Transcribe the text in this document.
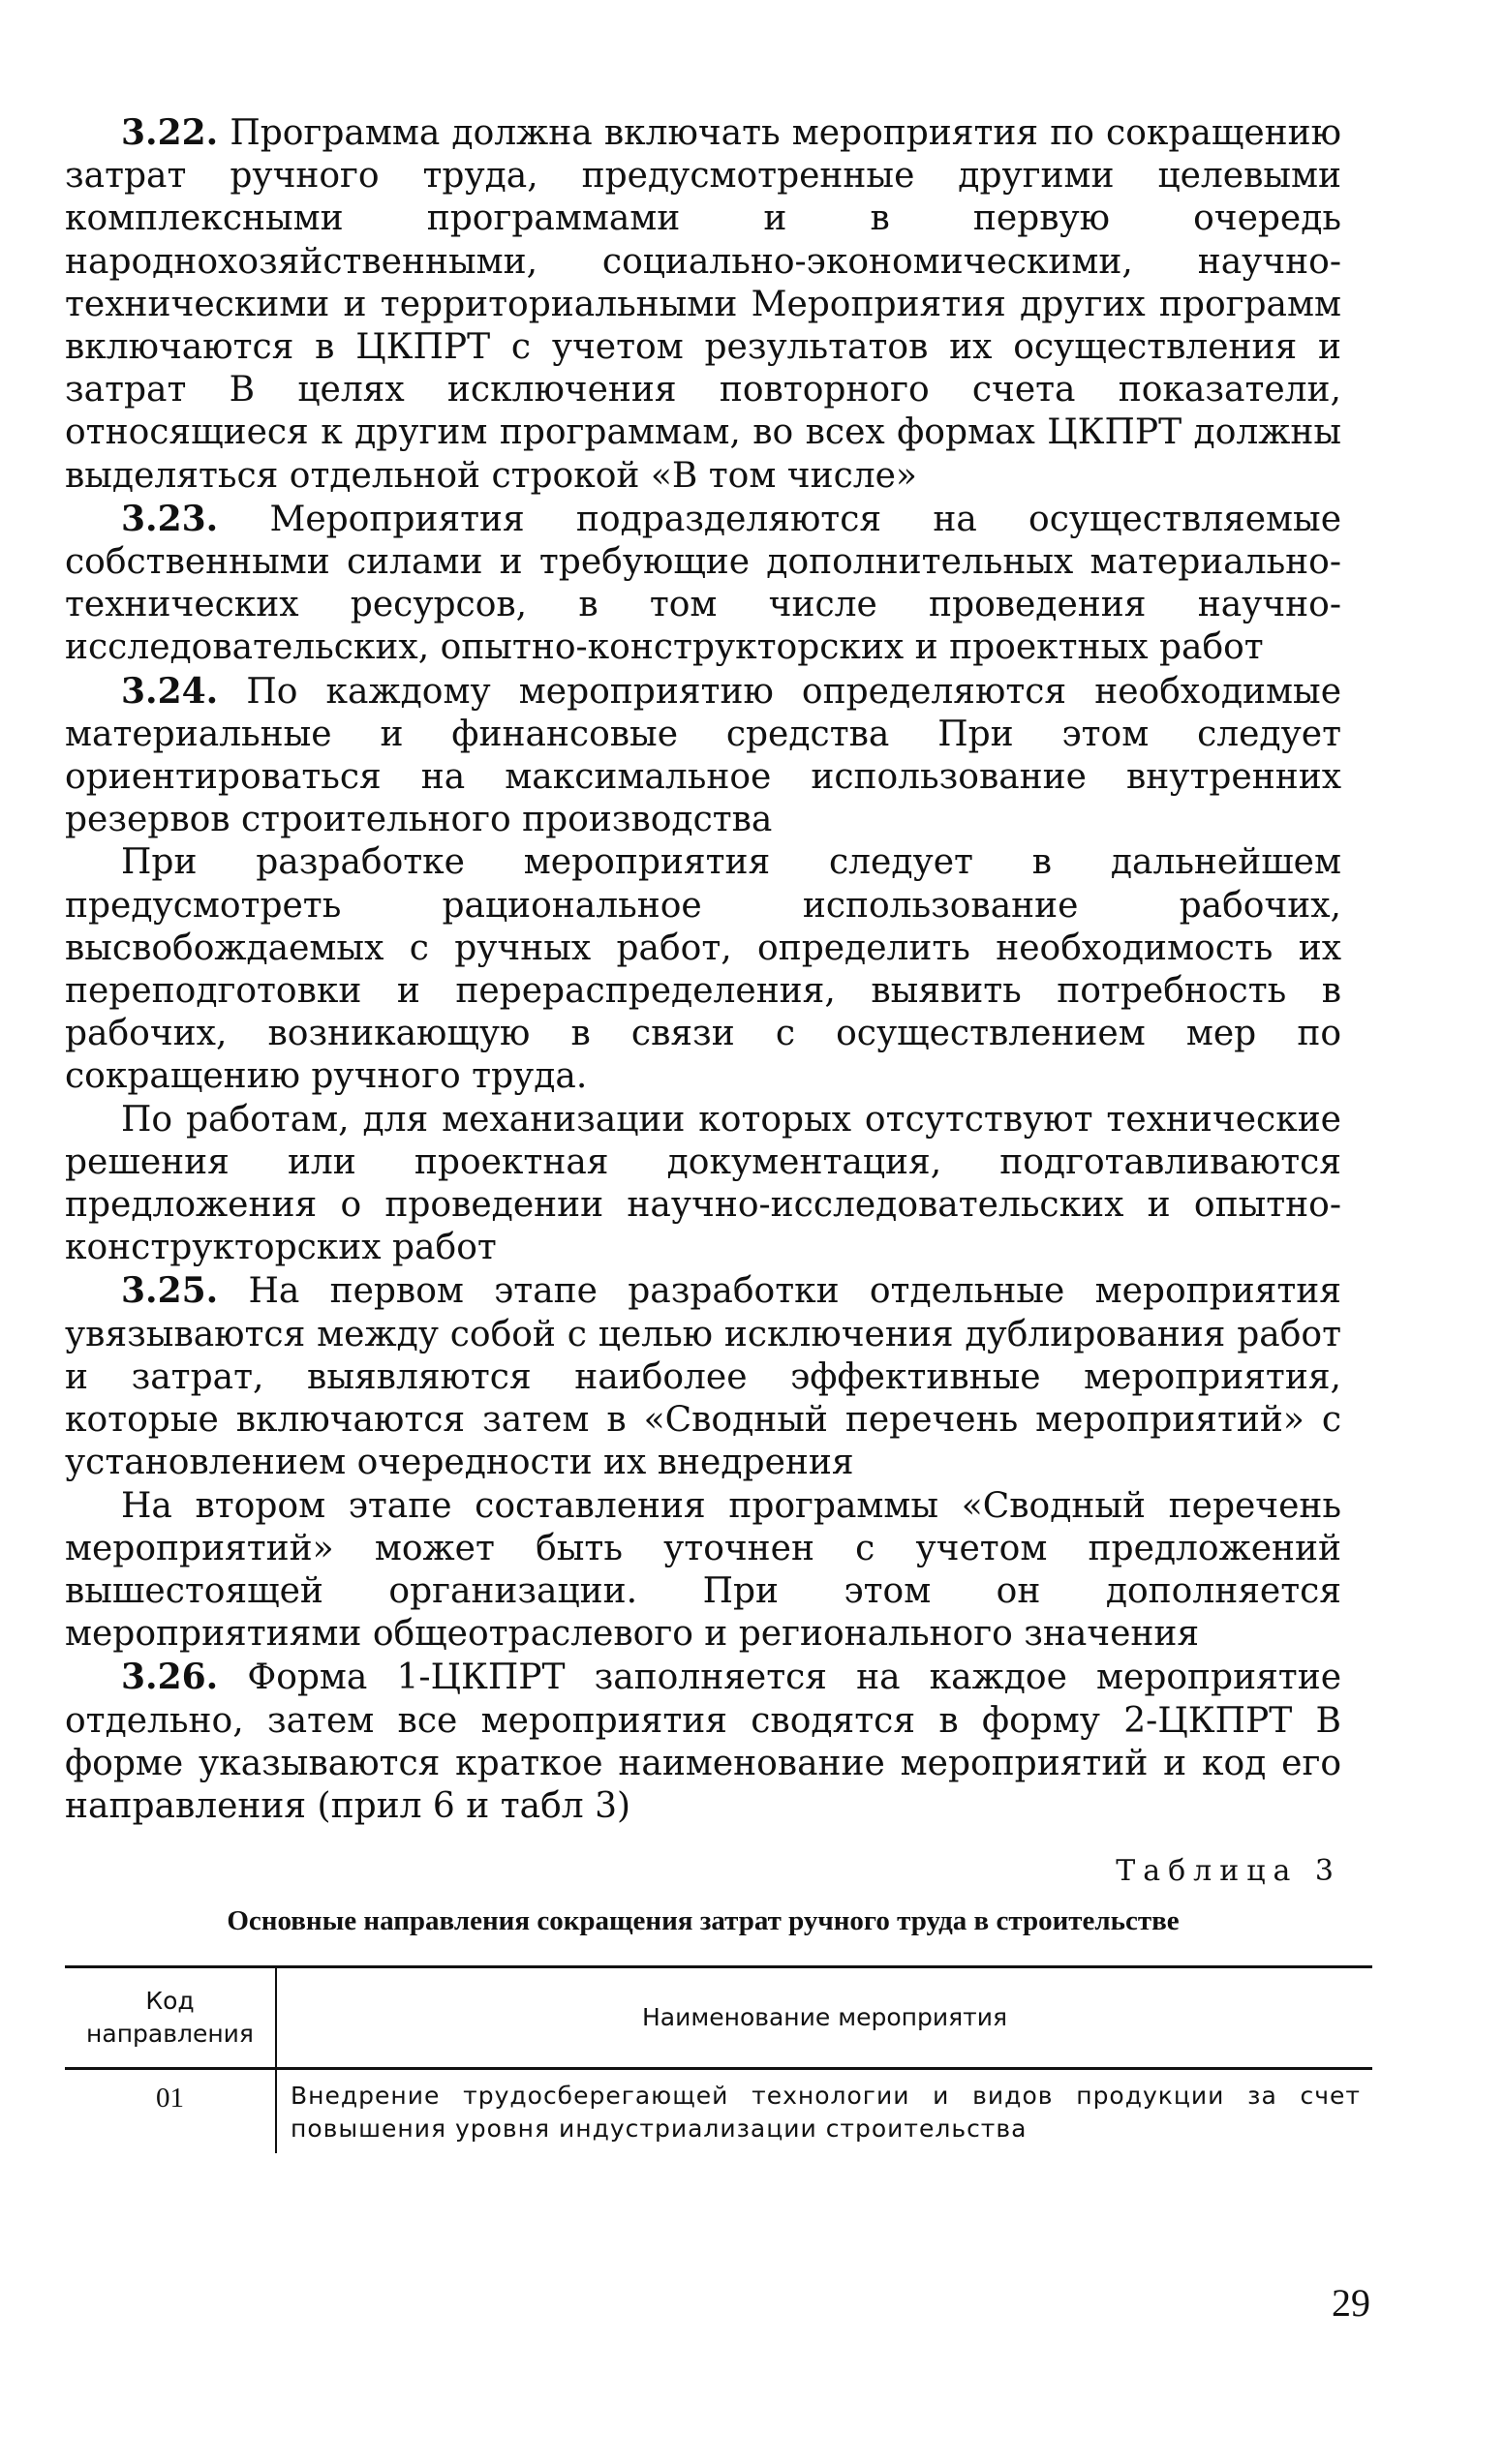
3.22. Программа должна включать мероприятия по сокращению затрат ручного труда, предусмотренные другими целевыми комплексными программами и в первую очередь народнохозяйственными, социально-экономическими, научно-техническими и территориальными Мероприятия других программ включаются в ЦКПРТ с учетом результатов их осуществления и затрат В целях исключения повторного счета показатели, относящиеся к другим программам, во всех формах ЦКПРТ должны выделяться отдельной строкой «В том числе»

3.23. Мероприятия подразделяются на осуществляемые собственными силами и требующие дополнительных материально-технических ресурсов, в том числе проведения научно-исследовательских, опытно-конструкторских и проектных работ

3.24. По каждому мероприятию определяются необходимые материальные и финансовые средства При этом следует ориентироваться на максимальное использование внутренних резервов строительного производства

При разработке мероприятия следует в дальнейшем предусмотреть рациональное использование рабочих, высвобождаемых с ручных работ, определить необходимость их переподготовки и перераспределения, выявить потребность в рабочих, возникающую в связи с осуществлением мер по сокращению ручного труда.

По работам, для механизации которых отсутствуют технические решения или проектная документация, подготавливаются предложения о проведении научно-исследовательских и опытно-конструкторских работ

3.25. На первом этапе разработки отдельные мероприятия увязываются между собой с целью исключения дублирования работ и затрат, выявляются наиболее эффективные мероприятия, которые включаются затем в «Сводный перечень мероприятий» с установлением очередности их внедрения

На втором этапе составления программы «Сводный перечень мероприятий» может быть уточнен с учетом предложений вышестоящей организации. При этом он дополняется мероприятиями общеотраслевого и регионального значения

3.26. Форма 1-ЦКПРТ заполняется на каждое мероприятие отдельно, затем все мероприятия сводятся в форму 2-ЦКПРТ В форме указываются краткое наименование мероприятий и код его направления (прил 6 и табл 3)

Таблица 3
Основные направления сокращения затрат ручного труда в строительстве
Код направления	Наименование мероприятия
01	Внедрение трудосберегающей технологии и видов продукции за счет повышения уровня индустриализации строительства
29
